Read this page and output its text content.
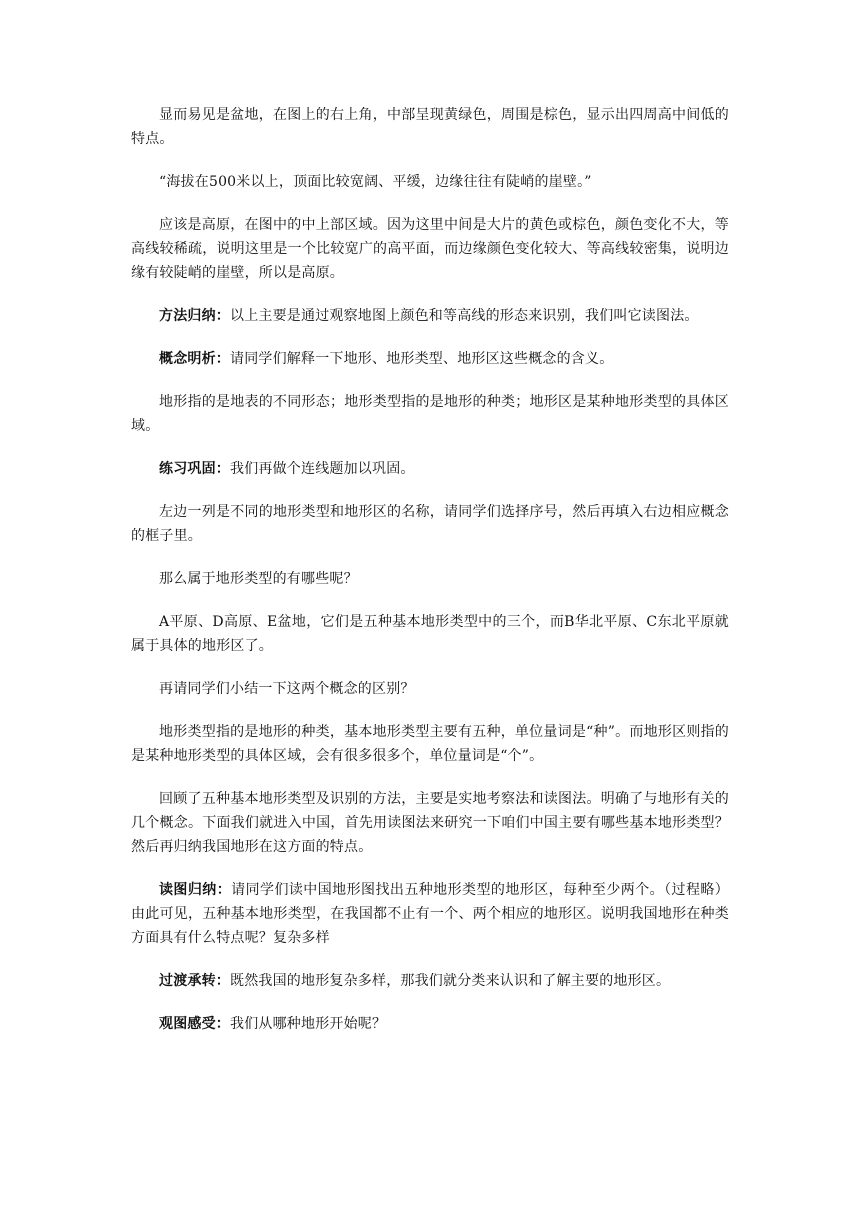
显而易见是盆地，在图上的右上角，中部呈现黄绿色，周围是棕色，显示出四周高中间低的特点。

“海拔在500米以上，顶面比较宽阔、平缓，边缘往往有陡峭的崖壁。”

应该是高原，在图中的中上部区域。因为这里中间是大片的黄色或棕色，颜色变化不大，等高线较稀疏，说明这里是一个比较宽广的高平面，而边缘颜色变化较大、等高线较密集，说明边缘有较陡峭的崖壁，所以是高原。

方法归纳：以上主要是通过观察地图上颜色和等高线的形态来识别，我们叫它读图法。

概念明析：请同学们解释一下地形、地形类型、地形区这些概念的含义。

地形指的是地表的不同形态；地形类型指的是地形的种类；地形区是某种地形类型的具体区域。

练习巩固：我们再做个连线题加以巩固。

左边一列是不同的地形类型和地形区的名称，请同学们选择序号，然后再填入右边相应概念的框子里。

那么属于地形类型的有哪些呢？

A平原、D高原、E盆地，它们是五种基本地形类型中的三个，而B华北平原、C东北平原就属于具体的地形区了。

再请同学们小结一下这两个概念的区别？

地形类型指的是地形的种类，基本地形类型主要有五种，单位量词是“种”。而地形区则指的是某种地形类型的具体区域，会有很多很多个，单位量词是“个”。

回顾了五种基本地形类型及识别的方法，主要是实地考察法和读图法。明确了与地形有关的几个概念。下面我们就进入中国，首先用读图法来研究一下咱们中国主要有哪些基本地形类型？然后再归纳我国地形在这方面的特点。

读图归纳：请同学们读中国地形图找出五种地形类型的地形区，每种至少两个。（过程略）由此可见，五种基本地形类型，在我国都不止有一个、两个相应的地形区。说明我国地形在种类方面具有什么特点呢？复杂多样

过渡承转：既然我国的地形复杂多样，那我们就分类来认识和了解主要的地形区。

观图感受：我们从哪种地形开始呢？
